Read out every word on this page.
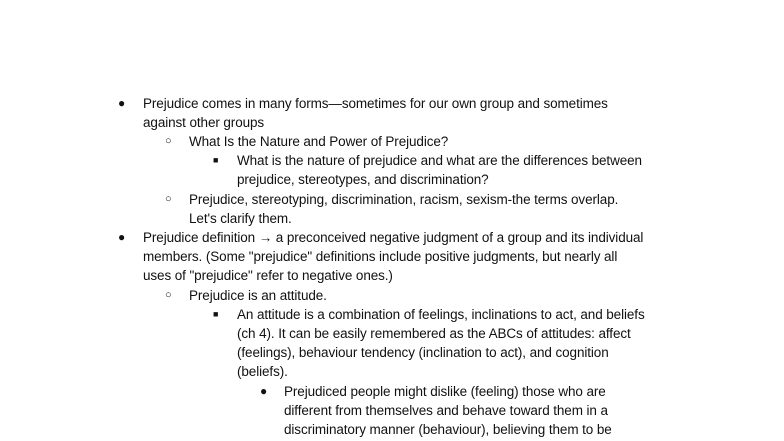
● Prejudice comes in many forms—sometimes for our own group and sometimes
against other groups
○ What Is the Nature and Power of Prejudice?
■ What is the nature of prejudice and what are the differences between
prejudice, stereotypes, and discrimination?
○ Prejudice, stereotyping, discrimination, racism, sexism-the terms overlap.
Let's clarify them.
● Prejudice definition → a preconceived negative judgment of a group and its individual
members. (Some "prejudice" definitions include positive judgments, but nearly all
uses of "prejudice" refer to negative ones.)
○ Prejudice is an attitude.
■ An attitude is a combination of feelings, inclinations to act, and beliefs
(ch 4). It can be easily remembered as the ABCs of attitudes: affect
(feelings), behaviour tendency (inclination to act), and cognition
(beliefs).
● Prejudiced people might dislike (feeling) those who are
different from themselves and behave toward them in a
discriminatory manner (behaviour), believing them to be
